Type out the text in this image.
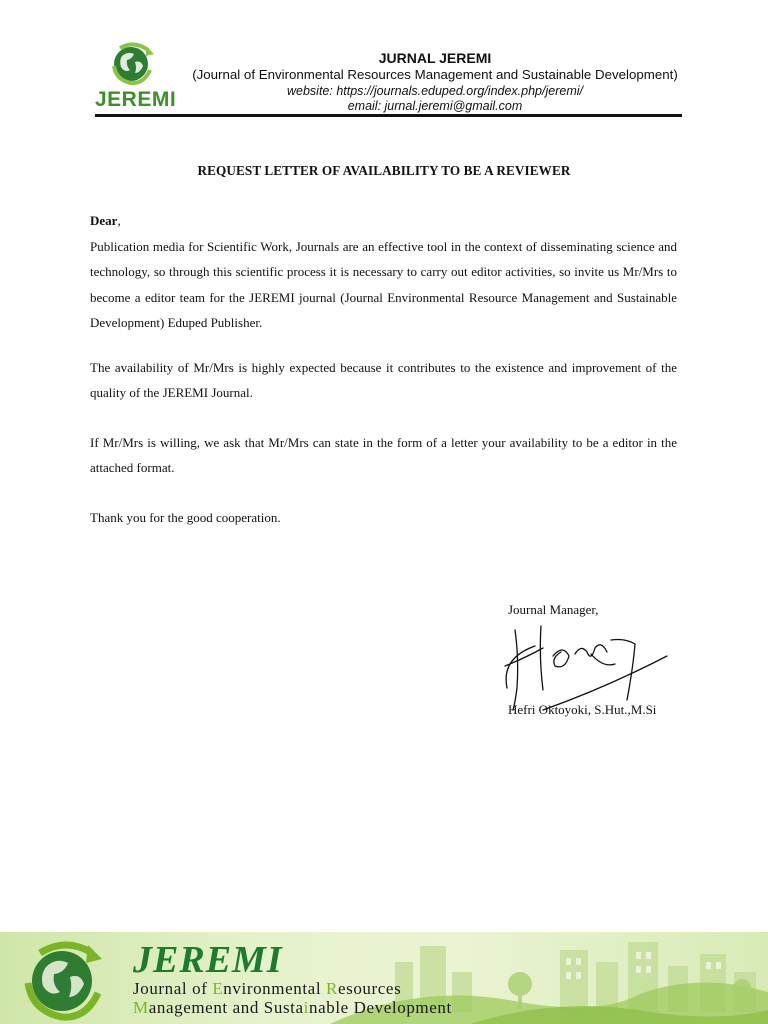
JEREMI
JURNAL JEREMI
(Journal of Environmental Resources Management and Sustainable Development)
website: https://journals.eduped.org/index.php/jeremi/
email: jurnal.jeremi@gmail.com
REQUEST LETTER OF AVAILABILITY TO BE A REVIEWER
Dear,
Publication media for Scientific Work, Journals are an effective tool in the context of disseminating science and technology, so through this scientific process it is necessary to carry out editor activities, so invite us Mr/Mrs to become a editor team for the JEREMI journal (Journal Environmental Resource Management and Sustainable Development) Eduped Publisher.
The availability of Mr/Mrs is highly expected because it contributes to the existence and improvement of the quality of the JEREMI Journal.
If Mr/Mrs is willing, we ask that Mr/Mrs can state in the form of a letter your availability to be a editor in the attached format.
Thank you for the good cooperation.
Journal Manager,
Hefri Oktoyoki, S.Hut.,M.Si
JEREMI
Journal of Environmental Resources
Management and Sustainable Development
